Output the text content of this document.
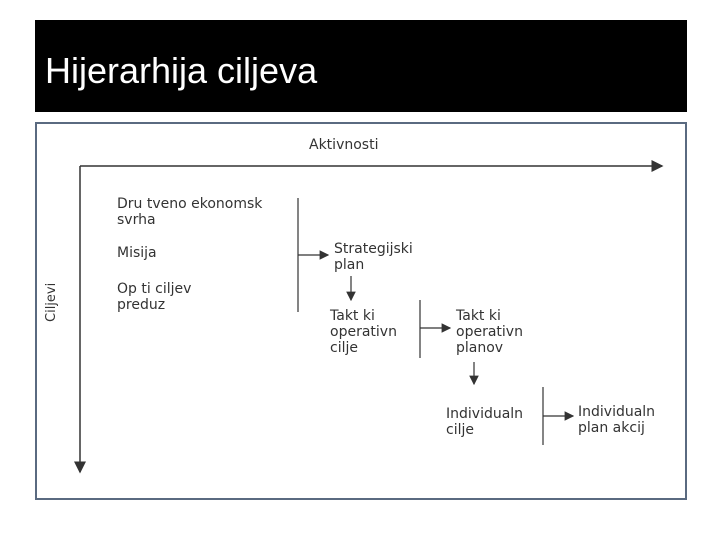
Hijerarhija ciljeva
Aktivnosti
Ciljevi
Dru tveno ekonomsk
svrha
Misija
Op ti ciljev
preduz
Strategijski
plan
Takt ki
operativn
cilje
Takt ki
operativn
planov
Individualn
cilje
Individualn
plan akcij
